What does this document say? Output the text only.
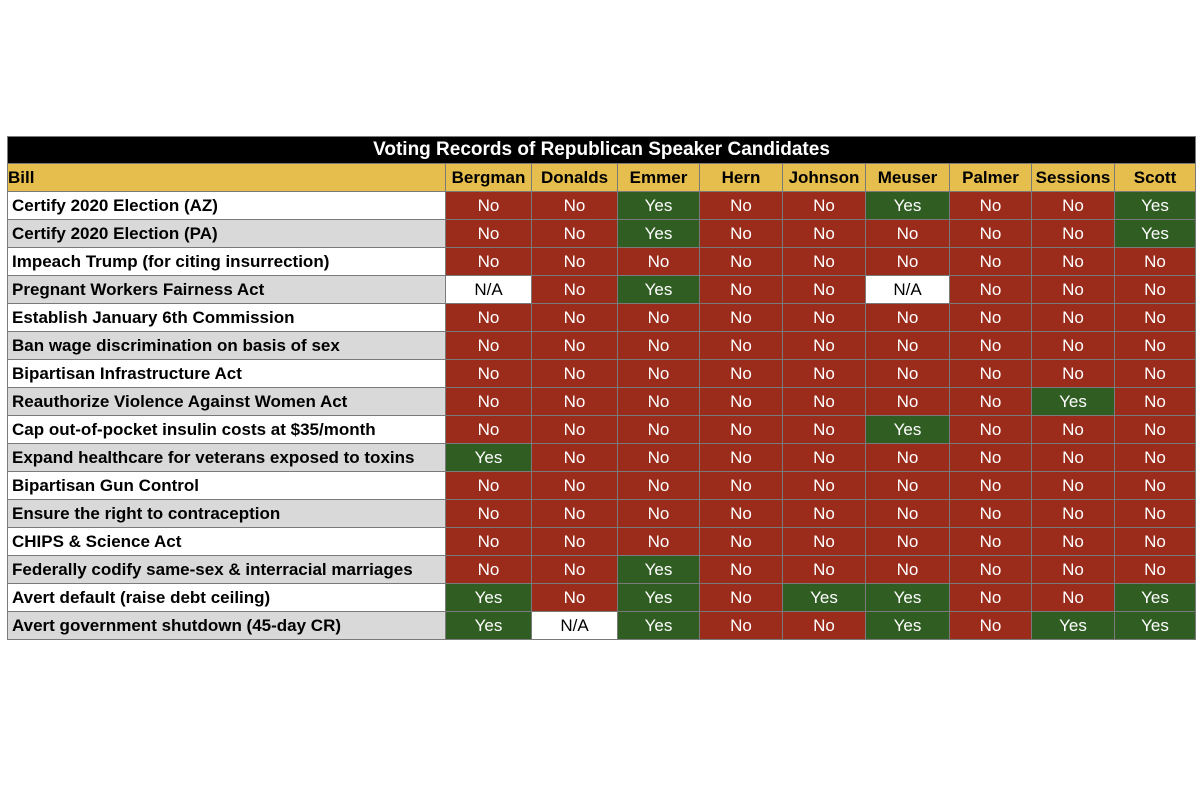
Voting Records of Republican Speaker Candidates									
Bill	Bergman	Donalds	Emmer	Hern	Johnson	Meuser	Palmer	Sessions	Scott
Certify 2020 Election (AZ)	No	No	Yes	No	No	Yes	No	No	Yes
Certify 2020 Election (PA)	No	No	Yes	No	No	No	No	No	Yes
Impeach Trump (for citing insurrection)	No	No	No	No	No	No	No	No	No
Pregnant Workers Fairness Act	N/A	No	Yes	No	No	N/A	No	No	No
Establish January 6th Commission	No	No	No	No	No	No	No	No	No
Ban wage discrimination on basis of sex	No	No	No	No	No	No	No	No	No
Bipartisan Infrastructure Act	No	No	No	No	No	No	No	No	No
Reauthorize Violence Against Women Act	No	No	No	No	No	No	No	Yes	No
Cap out-of-pocket insulin costs at $35/month	No	No	No	No	No	Yes	No	No	No
Expand healthcare for veterans exposed to toxins	Yes	No	No	No	No	No	No	No	No
Bipartisan Gun Control	No	No	No	No	No	No	No	No	No
Ensure the right to contraception	No	No	No	No	No	No	No	No	No
CHIPS & Science Act	No	No	No	No	No	No	No	No	No
Federally codify same-sex & interracial marriages	No	No	Yes	No	No	No	No	No	No
Avert default (raise debt ceiling)	Yes	No	Yes	No	Yes	Yes	No	No	Yes
Avert government shutdown (45-day CR)	Yes	N/A	Yes	No	No	Yes	No	Yes	Yes
